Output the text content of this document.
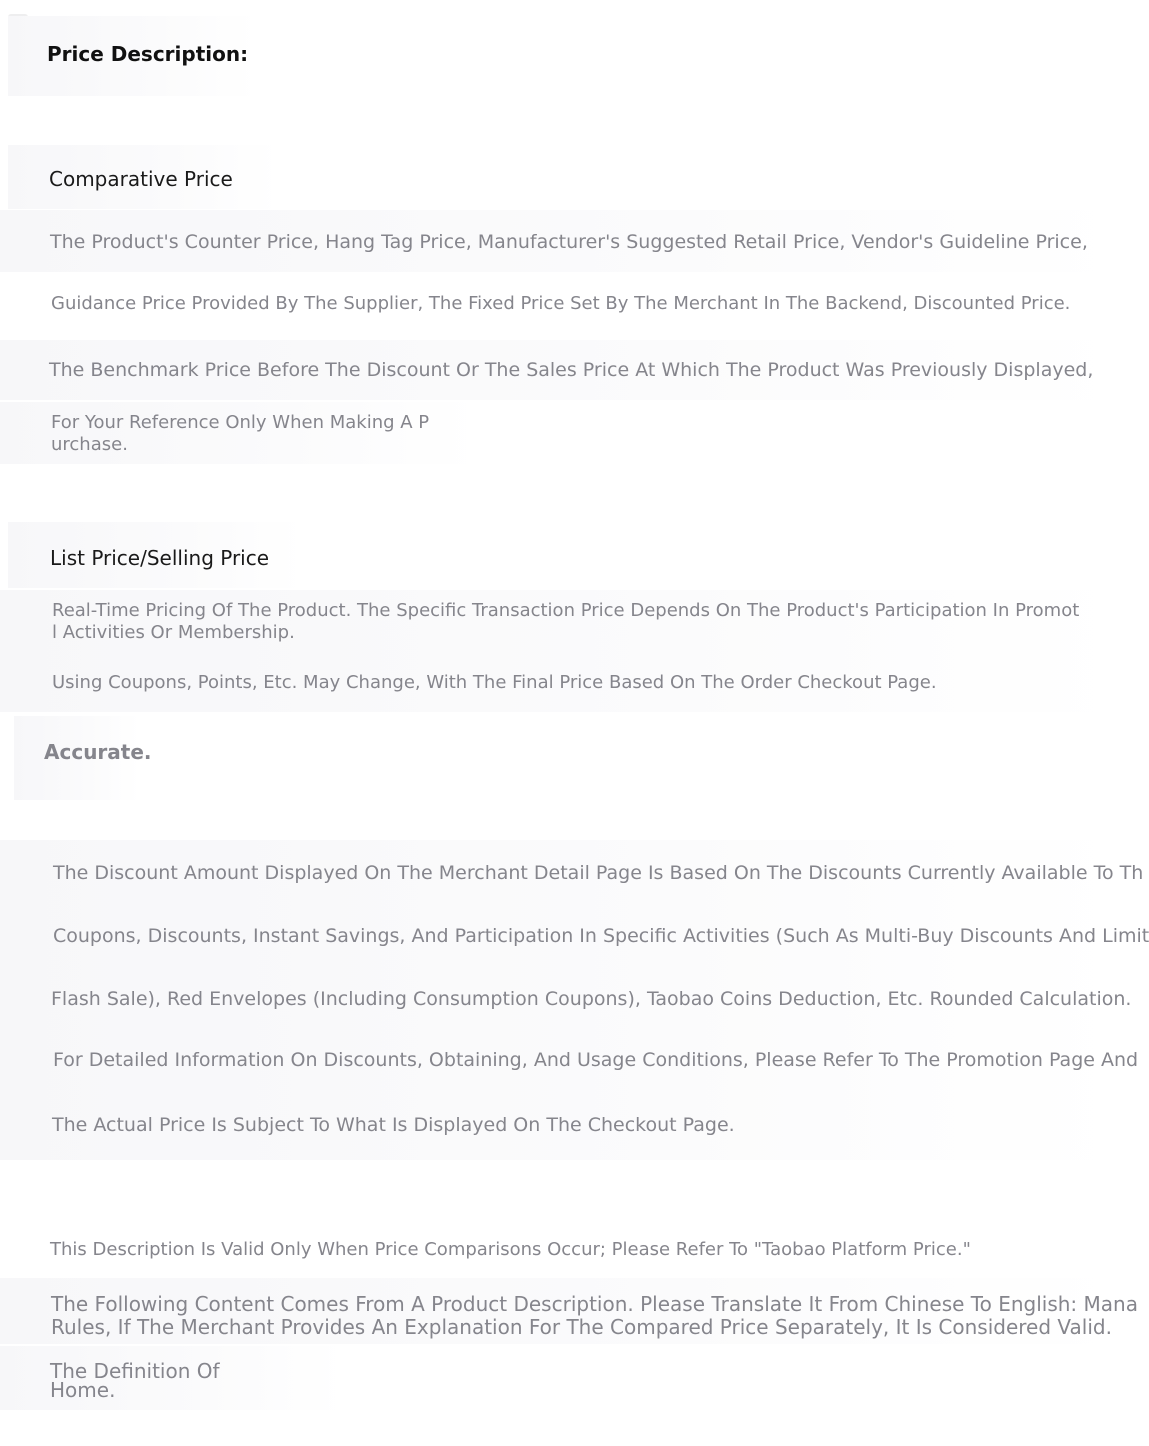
Price Description:
Comparative Price
The Product's Counter Price, Hang Tag Price, Manufacturer's Suggested Retail Price, Vendor's Guideline Price,
Guidance Price Provided By The Supplier, The Fixed Price Set By The Merchant In The Backend, Discounted Price.
The Benchmark Price Before The Discount Or The Sales Price At Which The Product Was Previously Displayed,
For Your Reference Only When Making A P
urchase.
List Price/Selling Price
Real-Time Pricing Of The Product. The Specific Transaction Price Depends On The Product's Participation In Promot
l Activities Or Membership.
Using Coupons, Points, Etc. May Change, With The Final Price Based On The Order Checkout Page.
Accurate.
The Discount Amount Displayed On The Merchant Detail Page Is Based On The Discounts Currently Available To Th
Coupons, Discounts, Instant Savings, And Participation In Specific Activities (Such As Multi-Buy Discounts And Limit
Flash Sale), Red Envelopes (Including Consumption Coupons), Taobao Coins Deduction, Etc. Rounded Calculation.
For Detailed Information On Discounts, Obtaining, And Usage Conditions, Please Refer To The Promotion Page And
The Actual Price Is Subject To What Is Displayed On The Checkout Page.
This Description Is Valid Only When Price Comparisons Occur; Please Refer To "Taobao Platform Price."
The Following Content Comes From A Product Description. Please Translate It From Chinese To English: Mana
Rules, If The Merchant Provides An Explanation For The Compared Price Separately, It Is Considered Valid.
The Definition Of
Home.
